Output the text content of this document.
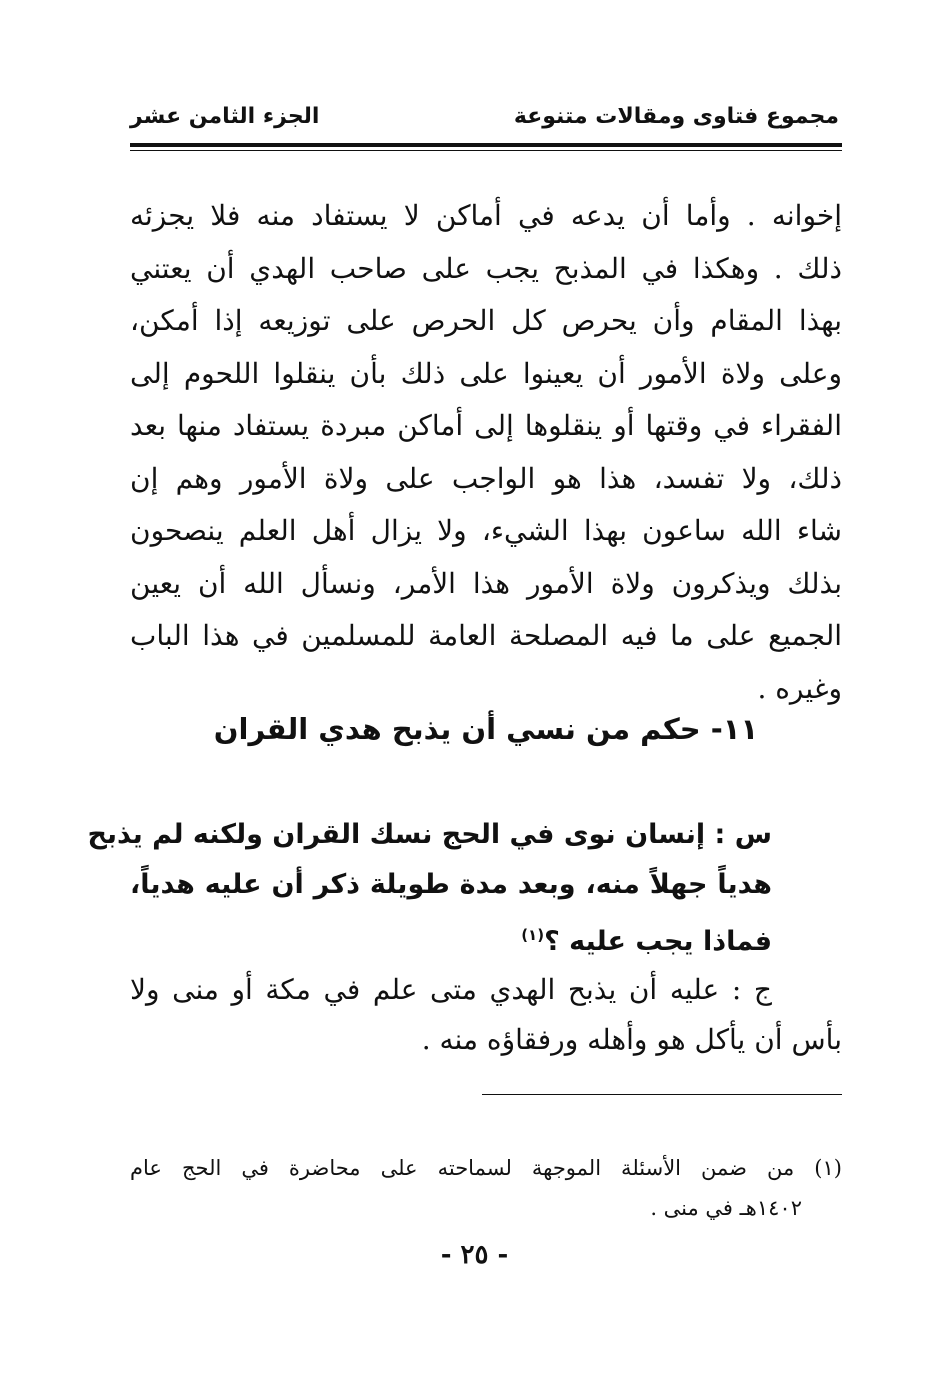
مجموع فتاوى ومقالات متنوعة
الجزء الثامن عشر
إخوانه . وأما أن يدعه في أماكن لا يستفاد منه فلا يجزئه
ذلك . وهكذا في المذبح يجب على صاحب الهدي أن يعتني
بهذا المقام وأن يحرص كل الحرص على توزيعه إذا أمكن،
وعلى ولاة الأمور أن يعينوا على ذلك بأن ينقلوا اللحوم إلى
الفقراء في وقتها أو ينقلوها إلى أماكن مبردة يستفاد منها بعد
ذلك، ولا تفسد، هذا هو الواجب على ولاة الأمور وهم إن
شاء الله ساعون بهذا الشيء، ولا يزال أهل العلم ينصحون
بذلك ويذكرون ولاة الأمور هذا الأمر، ونسأل الله أن يعين
الجميع على ما فيه المصلحة العامة للمسلمين في هذا الباب
وغيره .
١١- حكم من نسي أن يذبح هدي القران
س : إنسان نوى في الحج نسك القران ولكنه لم يذبح
هدياً جهلاً منه، وبعد مدة طويلة ذكر أن عليه هدياً،
فماذا يجب عليه ؟$^{(١)}$
ج : عليه أن يذبح الهدي متى علم في مكة أو منى ولا
بأس أن يأكل هو وأهله ورفقاؤه منه .
(١) من ضمن الأسئلة الموجهة لسماحته على محاضرة في الحج عام
١٤٠٢هـ في منى .
- ٢٥ -
